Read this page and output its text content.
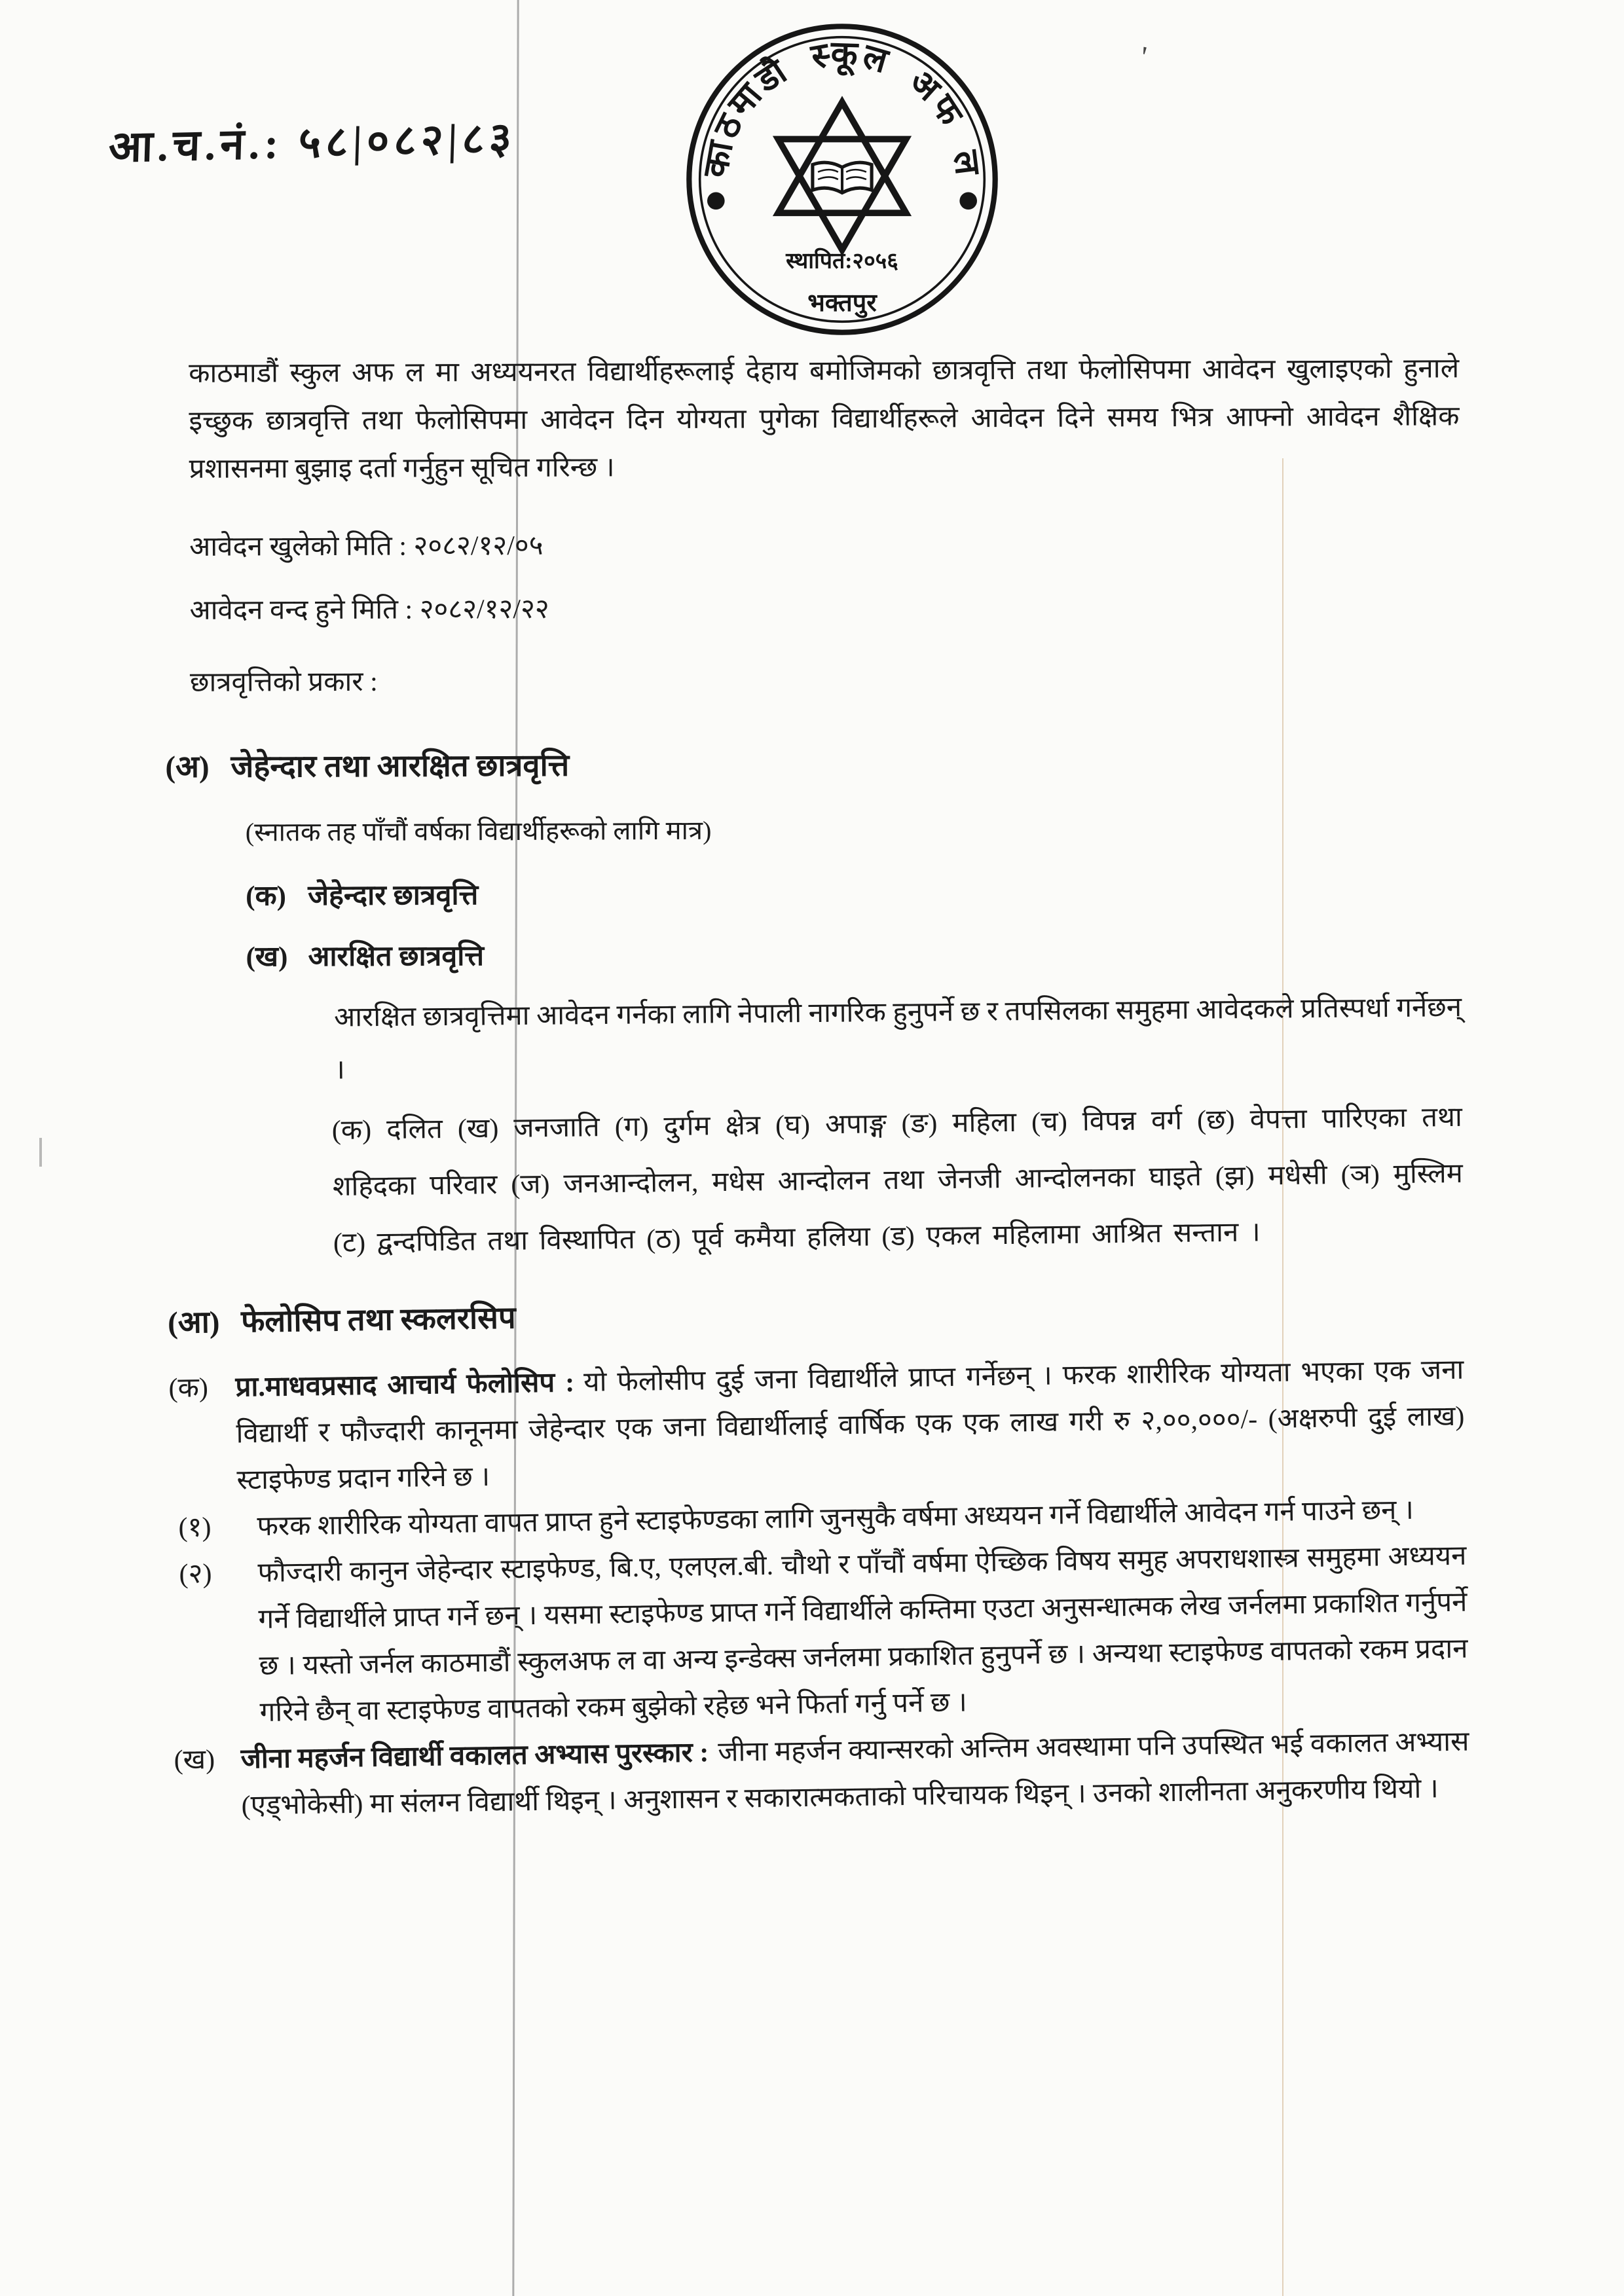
'
आ.च.नं.: ५८|०८२|८३	काठमाडौ स्कूल अफ ल
स्थापित:२०५६
भक्तपुर

काठमाडौं स्कुल अफ ल मा अध्ययनरत विद्यार्थीहरूलाई देहाय बमोजिमको छात्रवृत्ति तथा फेलोसिपमा आवेदन खुलाइएको हुनाले इच्छुक छात्रवृत्ति तथा फेलोसिपमा आवेदन दिन योग्यता पुगेका विद्यार्थीहरूले आवेदन दिने समय भित्र आफ्नो आवेदन शैक्षिक प्रशासनमा बुझाइ दर्ता गर्नुहुन सूचित गरिन्छ ।

आवेदन खुलेको मिति : २०८२/१२/०५

आवेदन वन्द हुने मिति : २०८२/१२/२२

छात्रवृत्तिको प्रकार :

(अ) जेहेन्दार तथा आरक्षित छात्रवृत्ति

(स्नातक तह पाँचौं वर्षका विद्यार्थीहरूको लागि मात्र)

(क) जेहेन्दार छात्रवृत्ति
(ख) आरक्षित छात्रवृत्ति

आरक्षित छात्रवृत्तिमा आवेदन गर्नका लागि नेपाली नागरिक हुनुपर्ने छ र तपसिलका समुहमा आवेदकले प्रतिस्पर्धा गर्नेछन् ।

(क) दलित (ख) जनजाति (ग) दुर्गम क्षेत्र (घ) अपाङ्ग (ङ) महिला (च) विपन्न वर्ग (छ) वेपत्ता पारिएका तथा शहिदका परिवार (ज) जनआन्दोलन, मधेस आन्दोलन तथा जेनजी आन्दोलनका घाइते (झ) मधेसी (ञ) मुस्लिम (ट) द्वन्दपिडित तथा विस्थापित (ठ) पूर्व कमैया हलिया (ड) एकल महिलामा आश्रित सन्तान ।

(आ) फेलोसिप तथा स्कलरसिप
(क) प्रा.माधवप्रसाद आचार्य फेलोसिप : यो फेलोसीप दुई जना विद्यार्थीले प्राप्त गर्नेछन् । फरक शारीरिक योग्यता भएका एक जना विद्यार्थी र फौज्दारी कानूनमा जेहेन्दार एक जना विद्यार्थीलाई वार्षिक एक एक लाख गरी रु २,००,०००/- (अक्षरुपी दुई लाख) स्टाइफेण्ड प्रदान गरिने छ ।
(१)	फरक शारीरिक योग्यता वापत प्राप्त हुने स्टाइफेण्डका लागि जुनसुकै वर्षमा अध्ययन गर्ने विद्यार्थीले आवेदन गर्न पाउने छन् ।
(२)	फौज्दारी कानुन जेहेन्दार स्टाइफेण्ड, बि.ए, एलएल.बी. चौथो र पाँचौं वर्षमा ऐच्छिक विषय समुह अपराधशास्त्र समुहमा अध्ययन गर्ने विद्यार्थीले प्राप्त गर्ने छन् । यसमा स्टाइफेण्ड प्राप्त गर्ने विद्यार्थीले कम्तिमा एउटा अनुसन्धात्मक लेख जर्नलमा प्रकाशित गर्नुपर्ने छ । यस्तो जर्नल काठमाडौं स्कुलअफ ल वा अन्य इन्डेक्स जर्नलमा प्रकाशित हुनुपर्ने छ । अन्यथा स्टाइफेण्ड वापतको रकम प्रदान गरिने छैन् वा स्टाइफेण्ड वापतको रकम बुझेको रहेछ भने फिर्ता गर्नु पर्ने छ ।
(ख) जीना महर्जन विद्यार्थी वकालत अभ्यास पुरस्कार : जीना महर्जन क्यान्सरको अन्तिम अवस्थामा पनि उपस्थित भई वकालत अभ्यास (एड्भोकेसी) मा संलग्न विद्यार्थी थिइन् । अनुशासन र सकारात्मकताको परिचायक थिइन् । उनको शालीनता अनुकरणीय थियो ।
